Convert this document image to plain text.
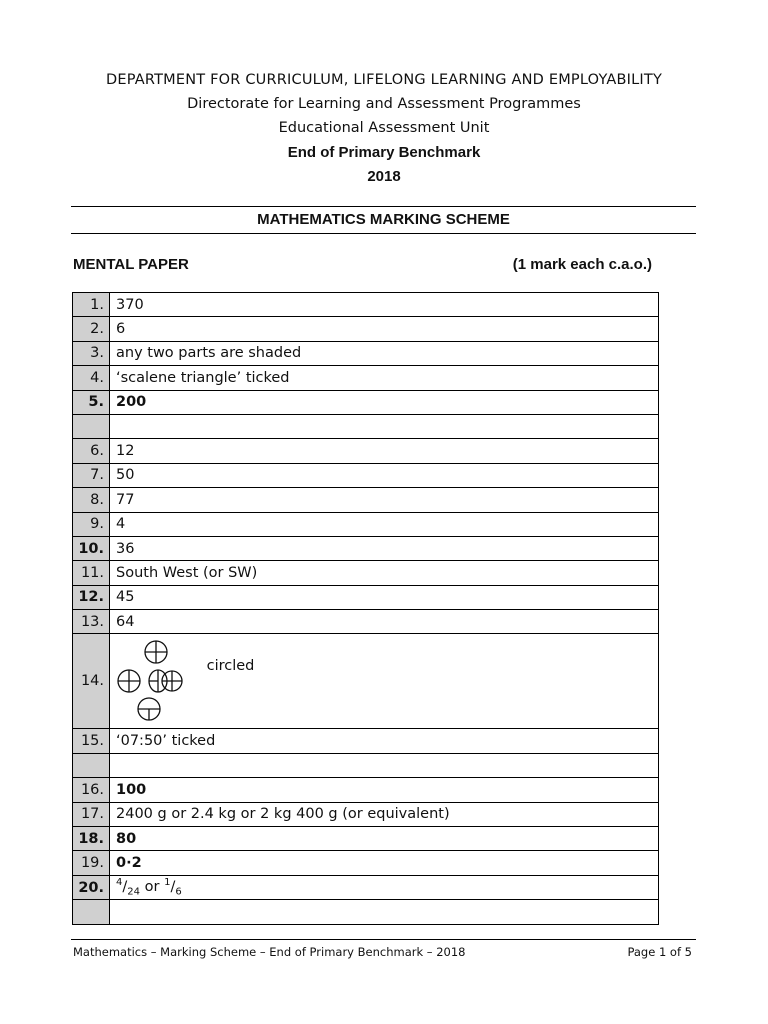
DEPARTMENT FOR CURRICULUM, LIFELONG LEARNING AND EMPLOYABILITY
Directorate for Learning and Assessment Programmes
Educational Assessment Unit
End of Primary Benchmark
2018
MATHEMATICS MARKING SCHEME
MENTAL PAPER	(1 mark each c.a.o.)
1.	370
2.	6
3.	any two parts are shaded
4.	‘scalene triangle’ ticked
5.	200

6.	12
7.	50
8.	77
9.	4
10.	36
11.	South West (or SW)
12.	45
13.	64
14.	circled
15.	‘07:50’ ticked

16.	100
17.	2400 g or 2.4 kg or 2 kg 400 g (or equivalent)
18.	80
19.	0·2
20.	$^4/_{24}$ or $^1/_6$

Mathematics – Marking Scheme – End of Primary Benchmark – 2018	Page 1 of 5
